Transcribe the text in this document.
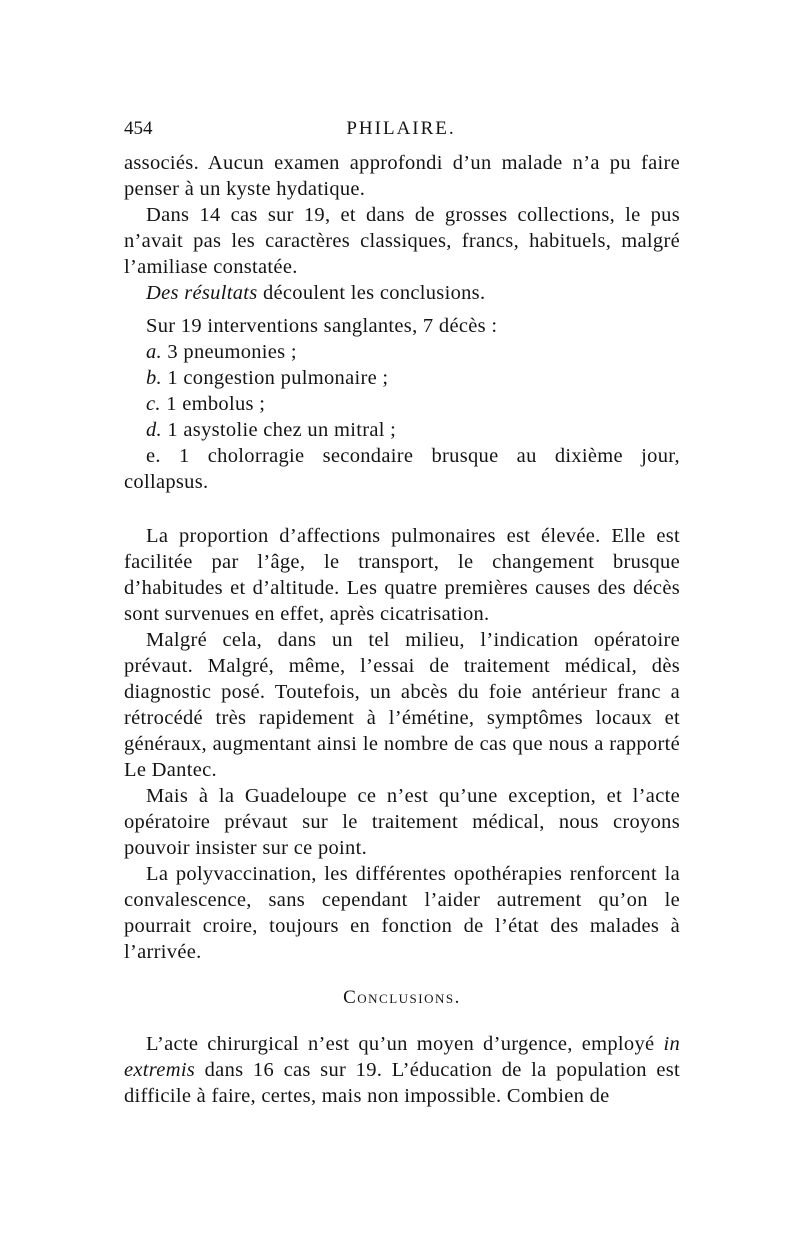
454	PHILAIRE.

associés. Aucun examen approfondi d’un malade n’a pu faire penser à un kyste hydatique.

Dans 14 cas sur 19, et dans de grosses collections, le pus n’avait pas les caractères classiques, francs, habituels, malgré l’amiliase constatée.

Des résultats découlent les conclusions.

Sur 19 interventions sanglantes, 7 décès :

a. 3 pneumonies ;

b. 1 congestion pulmonaire ;

c. 1 embolus ;

d. 1 asystolie chez un mitral ;

e. 1 cholorragie secondaire brusque au dixième jour, collapsus.

La proportion d’affections pulmonaires est élevée. Elle est facilitée par l’âge, le transport, le changement brusque d’habitudes et d’altitude. Les quatre premières causes des décès sont survenues en effet, après cicatrisation.

Malgré cela, dans un tel milieu, l’indication opératoire prévaut. Malgré, même, l’essai de traitement médical, dès diagnostic posé. Toutefois, un abcès du foie antérieur franc a rétrocédé très rapidement à l’émétine, symptômes locaux et généraux, augmentant ainsi le nombre de cas que nous a rapporté Le Dantec.

Mais à la Guadeloupe ce n’est qu’une exception, et l’acte opératoire prévaut sur le traitement médical, nous croyons pouvoir insister sur ce point.

La polyvaccination, les différentes opothérapies renforcent la convalescence, sans cependant l’aider autrement qu’on le pourrait croire, toujours en fonction de l’état des malades à l’arrivée.

Conclusions.

L’acte chirurgical n’est qu’un moyen d’urgence, employé in extremis dans 16 cas sur 19. L’éducation de la population est difficile à faire, certes, mais non impossible. Combien de
